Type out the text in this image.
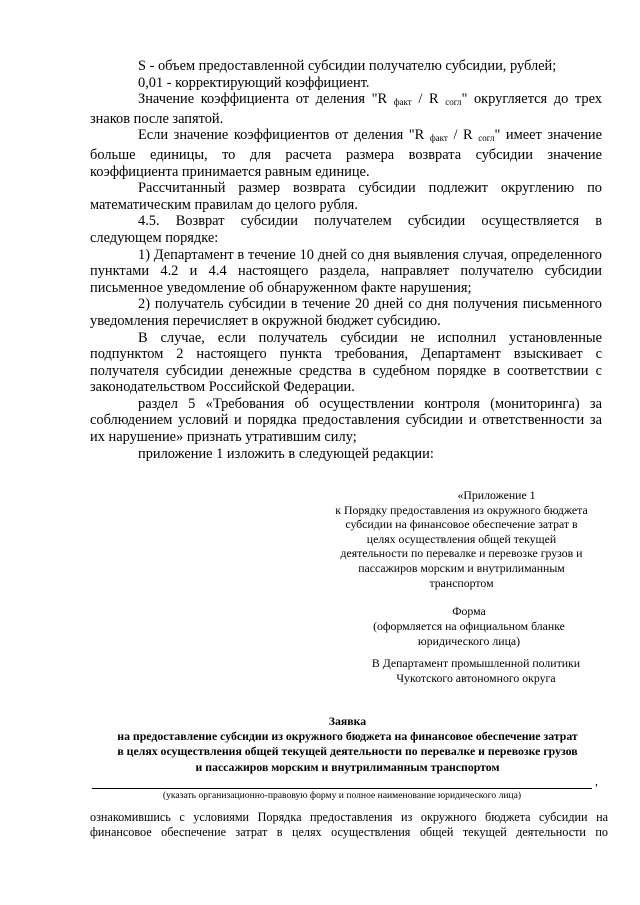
S - объем предоставленной субсидии получателю субсидии, рублей;

0,01 - корректирующий коэффициент.

Значение коэффициента от деления "R $_{факт}$ / R $_{согл}$" округляется до трех знаков после запятой.

Если значение коэффициентов от деления "R $_{факт}$ / R $_{согл}$" имеет значение больше единицы, то для расчета размера возврата субсидии значение коэффициента принимается равным единице.

Рассчитанный размер возврата субсидии подлежит округлению по математическим правилам до целого рубля.

4.5. Возврат субсидии получателем субсидии осуществляется в следующем порядке:

1) Департамент в течение 10 дней со дня выявления случая, определенного пунктами 4.2 и 4.4 настоящего раздела, направляет получателю субсидии письменное уведомление об обнаруженном факте нарушения;

2) получатель субсидии в течение 20 дней со дня получения письменного уведомления перечисляет в окружной бюджет субсидию.

В случае, если получатель субсидии не исполнил установленные подпунктом 2 настоящего пункта требования, Департамент взыскивает с получателя субсидии денежные средства в судебном порядке в соответствии с законодательством Российской Федерации.

раздел 5 «Требования об осуществлении контроля (мониторинга) за соблюдением условий и порядка предоставления субсидии и ответственности за их нарушение» признать утратившим силу;

приложение 1 изложить в следующей редакции:

«Приложение 1
к Порядку предоставления из окружного бюджета
субсидии на финансовое обеспечение затрат в
целях осуществления общей текущей
деятельности по перевалке и перевозке грузов и
пассажиров морским и внутрилиманным
транспортом
Форма
(оформляется на официальном бланке
юридического лица)
В Департамент промышленной политики
Чукотского автономного округа
Заявка
на предоставление субсидии из окружного бюджета на финансовое обеспечение затрат
в целях осуществления общей текущей деятельности по перевалке и перевозке грузов
и пассажиров морским и внутрилиманным транспортом
,
(указать организационно-правовую форму и полное наименование юридического лица)

ознакомившись с условиями Порядка предоставления из окружного бюджета субсидии на

финансовое обеспечение затрат в целях осуществления общей текущей деятельности по
